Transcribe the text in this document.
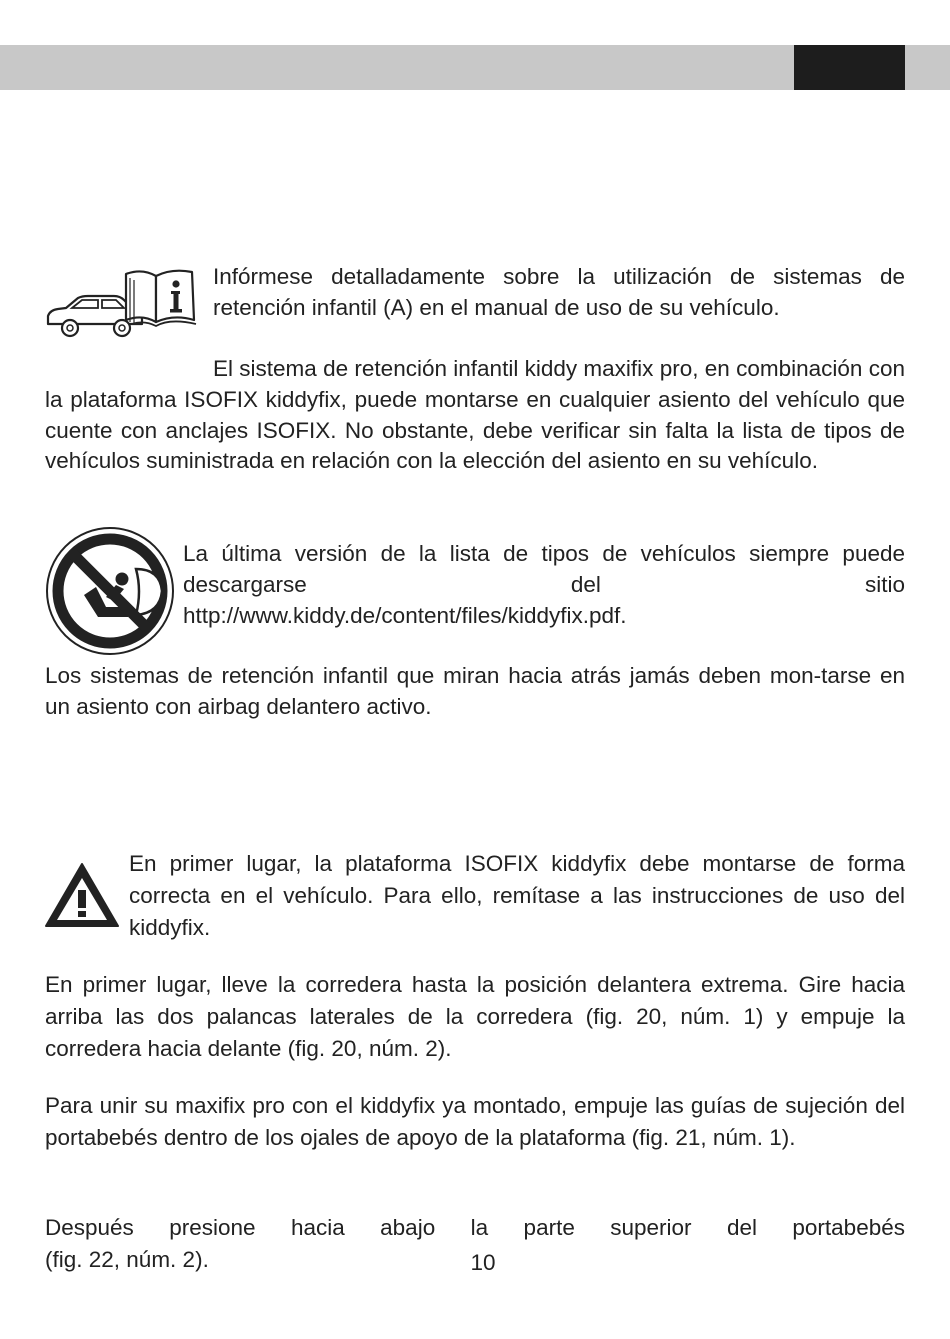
Infórmese detalladamente sobre la utilización de sistemas de retención infantil (A) en el manual de uso de su vehículo.

El sistema de retención infantil kiddy maxifix pro, en combinación con la plataforma ISOFIX kiddyfix, puede montarse en cualquier asiento del vehículo que cuente con anclajes ISOFIX. No obstante, debe verificar sin falta la lista de tipos de vehículos suministrada en relación con la elección del asiento en su vehículo.

La última versión de la lista de tipos de vehículos siempre puede
descargarse del sitio
http://www.kiddy.de/content/files/kiddyfix.pdf.

Los sistemas de retención infantil que miran hacia atrás jamás deben mon-tarse en un asiento con airbag delantero activo.

En primer lugar, la plataforma ISOFIX kiddyfix debe montarse de forma correcta en el vehículo. Para ello, remítase a las instrucciones de uso del kiddyfix.

En primer lugar, lleve la corredera hasta la posición delantera extrema. Gire hacia arriba las dos palancas laterales de la corredera (fig. 20, núm. 1) y empuje la corredera hacia delante (fig. 20, núm. 2).

Para unir su maxifix pro con el kiddyfix ya montado, empuje las guías de sujeción del portabebés dentro de los ojales de apoyo de la plataforma (fig. 21, núm. 1).

Después presione hacia abajo la parte superior del portabebés
(fig. 22, núm. 2).	10
